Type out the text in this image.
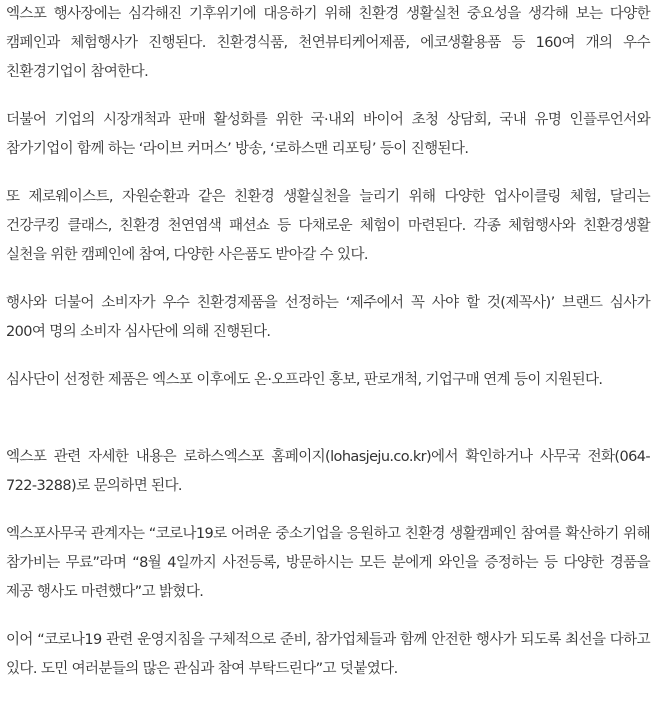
엑스포 행사장에는 심각해진 기후위기에 대응하기 위해 친환경 생활실천 중요성을 생각해 보는 다양한 캠페인과 체험행사가 진행된다. 친환경식품, 천연뷰티케어제품, 에코생활용품 등 160여 개의 우수 친환경기업이 참여한다.

더불어 기업의 시장개척과 판매 활성화를 위한 국·내외 바이어 초청 상담회, 국내 유명 인플루언서와 참가기업이 함께 하는 ‘라이브 커머스’ 방송, ‘로하스맨 리포팅’ 등이 진행된다.

또 제로웨이스트, 자원순환과 같은 친환경 생활실천을 늘리기 위해 다양한 업사이클링 체험, 달리는 건강쿠킹 클래스, 친환경 천연염색 패션쇼 등 다채로운 체험이 마련된다. 각종 체험행사와 친환경생활 실천을 위한 캠페인에 참여, 다양한 사은품도 받아갈 수 있다.

행사와 더불어 소비자가 우수 친환경제품을 선정하는 ‘제주에서 꼭 사야 할 것(제꼭사)’ 브랜드 심사가 200여 명의 소비자 심사단에 의해 진행된다.

심사단이 선정한 제품은 엑스포 이후에도 온·오프라인 홍보, 판로개척, 기업구매 연계 등이 지원된다.

엑스포 관련 자세한 내용은 로하스엑스포 홈페이지(lohasjeju.co.kr)에서 확인하거나 사무국 전화(064-722-3288)로 문의하면 된다.

엑스포사무국 관계자는 “코로나19로 어려운 중소기업을 응원하고 친환경 생활캠페인 참여를 확산하기 위해 참가비는 무료”라며 “8월 4일까지 사전등록, 방문하시는 모든 분에게 와인을 증정하는 등 다양한 경품을 제공 행사도 마련했다”고 밝혔다.

이어 “코로나19 관련 운영지침을 구체적으로 준비, 참가업체들과 함께 안전한 행사가 되도록 최선을 다하고 있다. 도민 여러분들의 많은 관심과 참여 부탁드린다”고 덧붙였다.
